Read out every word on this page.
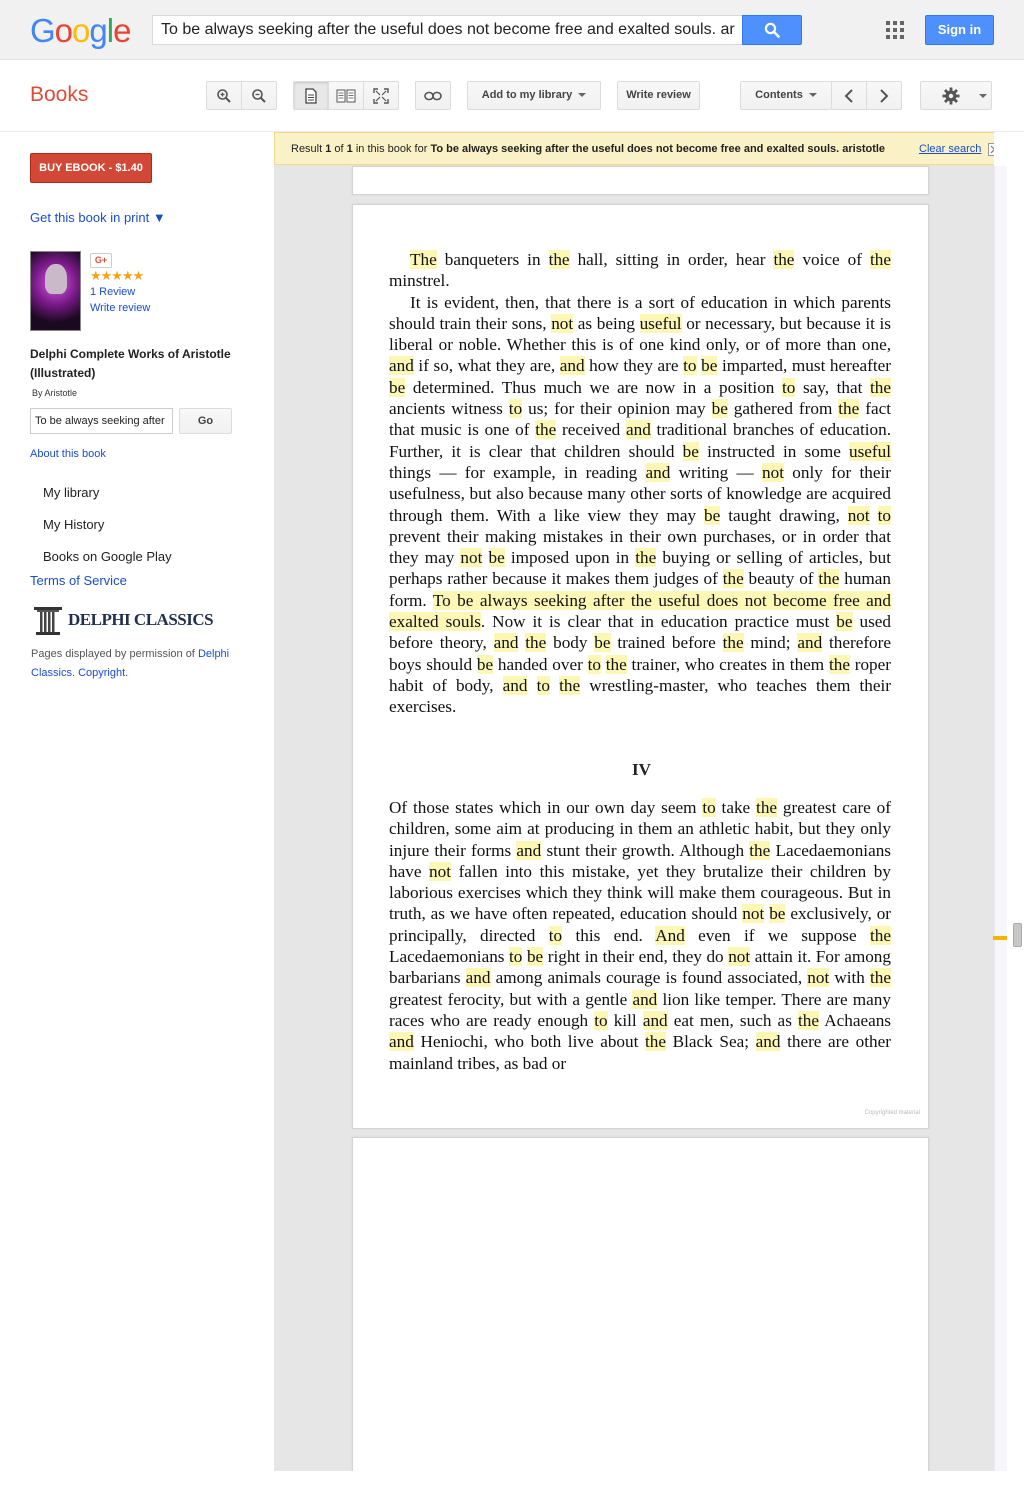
Google
To be always seeking after the useful does not become free and exalted souls. ar	Sign in
Books	Add to my library	Write review	Contents
BUY EBOOK - $1.40
Get this book in print ▼
G+
★★★★★
1 Review
Write review
Delphi Complete Works of Aristotle (Illustrated)
By Aristotle
To be always seeking after
Go
About this book
My library
My History
Books on Google Play
Terms of Service
DELPHI CLASSICS
Pages displayed by permission of Delphi Classics. Copyright.

The banqueters in the hall, sitting in order, hear the voice of the minstrel.

It is evident, then, that there is a sort of education in which parents should train their sons, not as being useful or necessary, but because it is liberal or noble. Whether this is of one kind only, or of more than one, and if so, what they are, and how they are to be imparted, must hereafter be determined. Thus much we are now in a position to say, that the ancients witness to us; for their opinion may be gathered from the fact that music is one of the received and traditional branches of education. Further, it is clear that children should be instructed in some useful things — for example, in reading and writing — not only for their usefulness, but also because many other sorts of knowledge are acquired through them. With a like view they may be taught drawing, not to prevent their making mistakes in their own purchases, or in order that they may not be imposed upon in the buying or selling of articles, but perhaps rather because it makes them judges of the beauty of the human form. To be always seeking after the useful does not become free and exalted souls. Now it is clear that in education practice must be used before theory, and the body be trained before the mind; and therefore boys should be handed over to the trainer, who creates in them the roper habit of body, and to the wrestling-master, who teaches them their exercises.

IV

Of those states which in our own day seem to take the greatest care of children, some aim at producing in them an athletic habit, but they only injure their forms and stunt their growth. Although the Lacedaemonians have not fallen into this mistake, yet they brutalize their children by laborious exercises which they think will make them courageous. But in truth, as we have often repeated, education should not be exclusively, or principally, directed to this end. And even if we suppose the Lacedaemonians to be right in their end, they do not attain it. For among barbarians and among animals courage is found associated, not with the greatest ferocity, but with a gentle and lion like temper. There are many races who are ready enough to kill and eat men, such as the Achaeans and Heniochi, who both live about the Black Sea; and there are other mainland tribes, as bad or

Copyrighted material
Result 1 of 1 in this book for To be always seeking after the useful does not become free and exalted souls. aristotle	Clear search
